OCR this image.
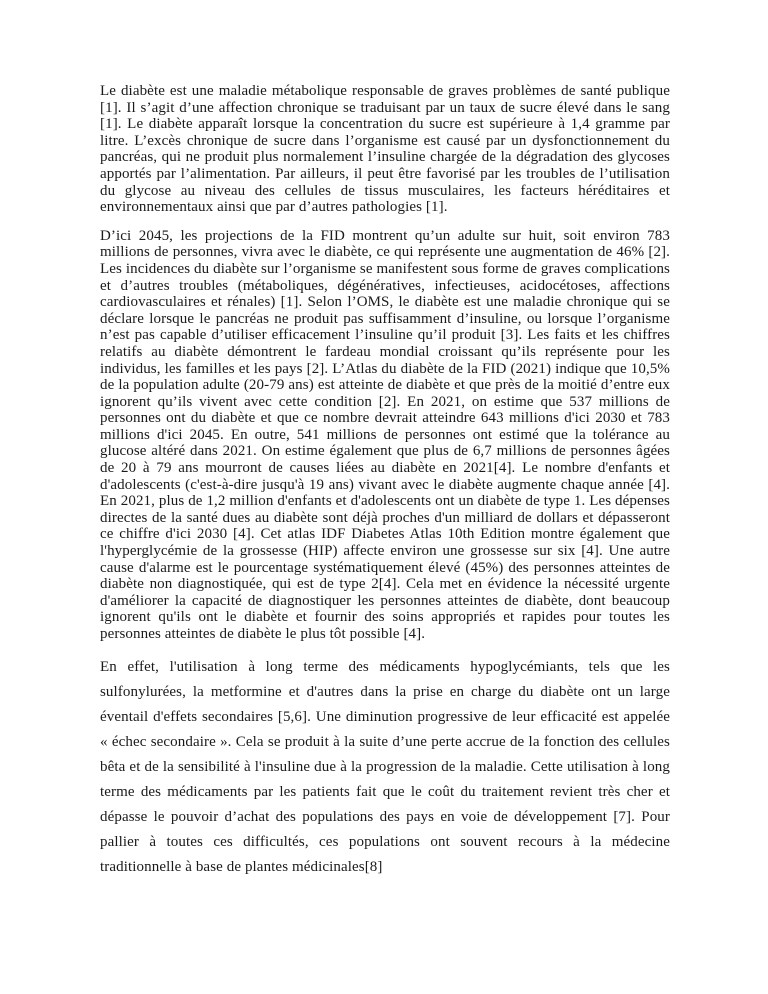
Le diabète est une maladie métabolique responsable de graves problèmes de santé publique [1]. Il s’agit d’une affection chronique se traduisant par un taux de sucre élevé dans le sang [1]. Le diabète apparaît lorsque la concentration du sucre est supérieure à 1,4 gramme par litre. L’excès chronique de sucre dans l’organisme est causé par un dysfonctionnement du pancréas, qui ne produit plus normalement l’insuline chargée de la dégradation des glycoses apportés par l’alimentation. Par ailleurs, il peut être favorisé par les troubles de l’utilisation du glycose au niveau des cellules de tissus musculaires, les facteurs héréditaires et environnementaux ainsi que par d’autres pathologies [1].

D’ici 2045, les projections de la FID montrent qu’un adulte sur huit, soit environ 783 millions de personnes, vivra avec le diabète, ce qui représente une augmentation de 46% [2]. Les incidences du diabète sur l’organisme se manifestent sous forme de graves complications et d’autres troubles (métaboliques, dégénératives, infectieuses, acidocétoses, affections cardiovasculaires et rénales) [1]. Selon l’OMS, le diabète est une maladie chronique qui se déclare lorsque le pancréas ne produit pas suffisamment d’insuline, ou lorsque l’organisme n’est pas capable d’utiliser efficacement l’insuline qu’il produit [3]. Les faits et les chiffres relatifs au diabète démontrent le fardeau mondial croissant qu’ils représente pour les individus, les familles et les pays [2]. L’Atlas du diabète de la FID (2021) indique que 10,5% de la population adulte (20-79 ans) est atteinte de diabète et que près de la moitié d’entre eux ignorent qu’ils vivent avec cette condition [2]. En 2021, on estime que 537 millions de personnes ont du diabète et que ce nombre devrait atteindre 643 millions d'ici 2030 et 783 millions d'ici 2045. En outre, 541 millions de personnes ont estimé que la tolérance au glucose altéré dans 2021. On estime également que plus de 6,7 millions de personnes âgées de 20 à 79 ans mourront de causes liées au diabète en 2021[4]. Le nombre d'enfants et d'adolescents (c'est-à-dire jusqu'à 19 ans) vivant avec le diabète augmente chaque année [4]. En 2021, plus de 1,2 million d'enfants et d'adolescents ont un diabète de type 1. Les dépenses directes de la santé dues au diabète sont déjà proches d'un milliard de dollars et dépasseront ce chiffre d'ici 2030 [4]. Cet atlas IDF Diabetes Atlas 10th Edition montre également que l'hyperglycémie de la grossesse (HIP) affecte environ une grossesse sur six [4]. Une autre cause d'alarme est le pourcentage systématiquement élevé (45%) des personnes atteintes de diabète non diagnostiquée, qui est de type 2[4]. Cela met en évidence la nécessité urgente d'améliorer la capacité de diagnostiquer les personnes atteintes de diabète, dont beaucoup ignorent qu'ils ont le diabète et fournir des soins appropriés et rapides pour toutes les personnes atteintes de diabète le plus tôt possible [4].

En effet, l'utilisation à long terme des médicaments hypoglycémiants, tels que les sulfonylurées, la metformine et d'autres dans la prise en charge du diabète ont un large éventail d'effets secondaires [5,6]. Une diminution progressive de leur efficacité est appelée « échec secondaire ». Cela se produit à la suite d’une perte accrue de la fonction des cellules bêta et de la sensibilité à l'insuline due à la progression de la maladie. Cette utilisation à long terme des médicaments par les patients fait que le coût du traitement revient très cher et dépasse le pouvoir d’achat des populations des pays en voie de développement [7]. Pour pallier à toutes ces difficultés, ces populations ont souvent recours à la médecine traditionnelle à base de plantes médicinales[8]
